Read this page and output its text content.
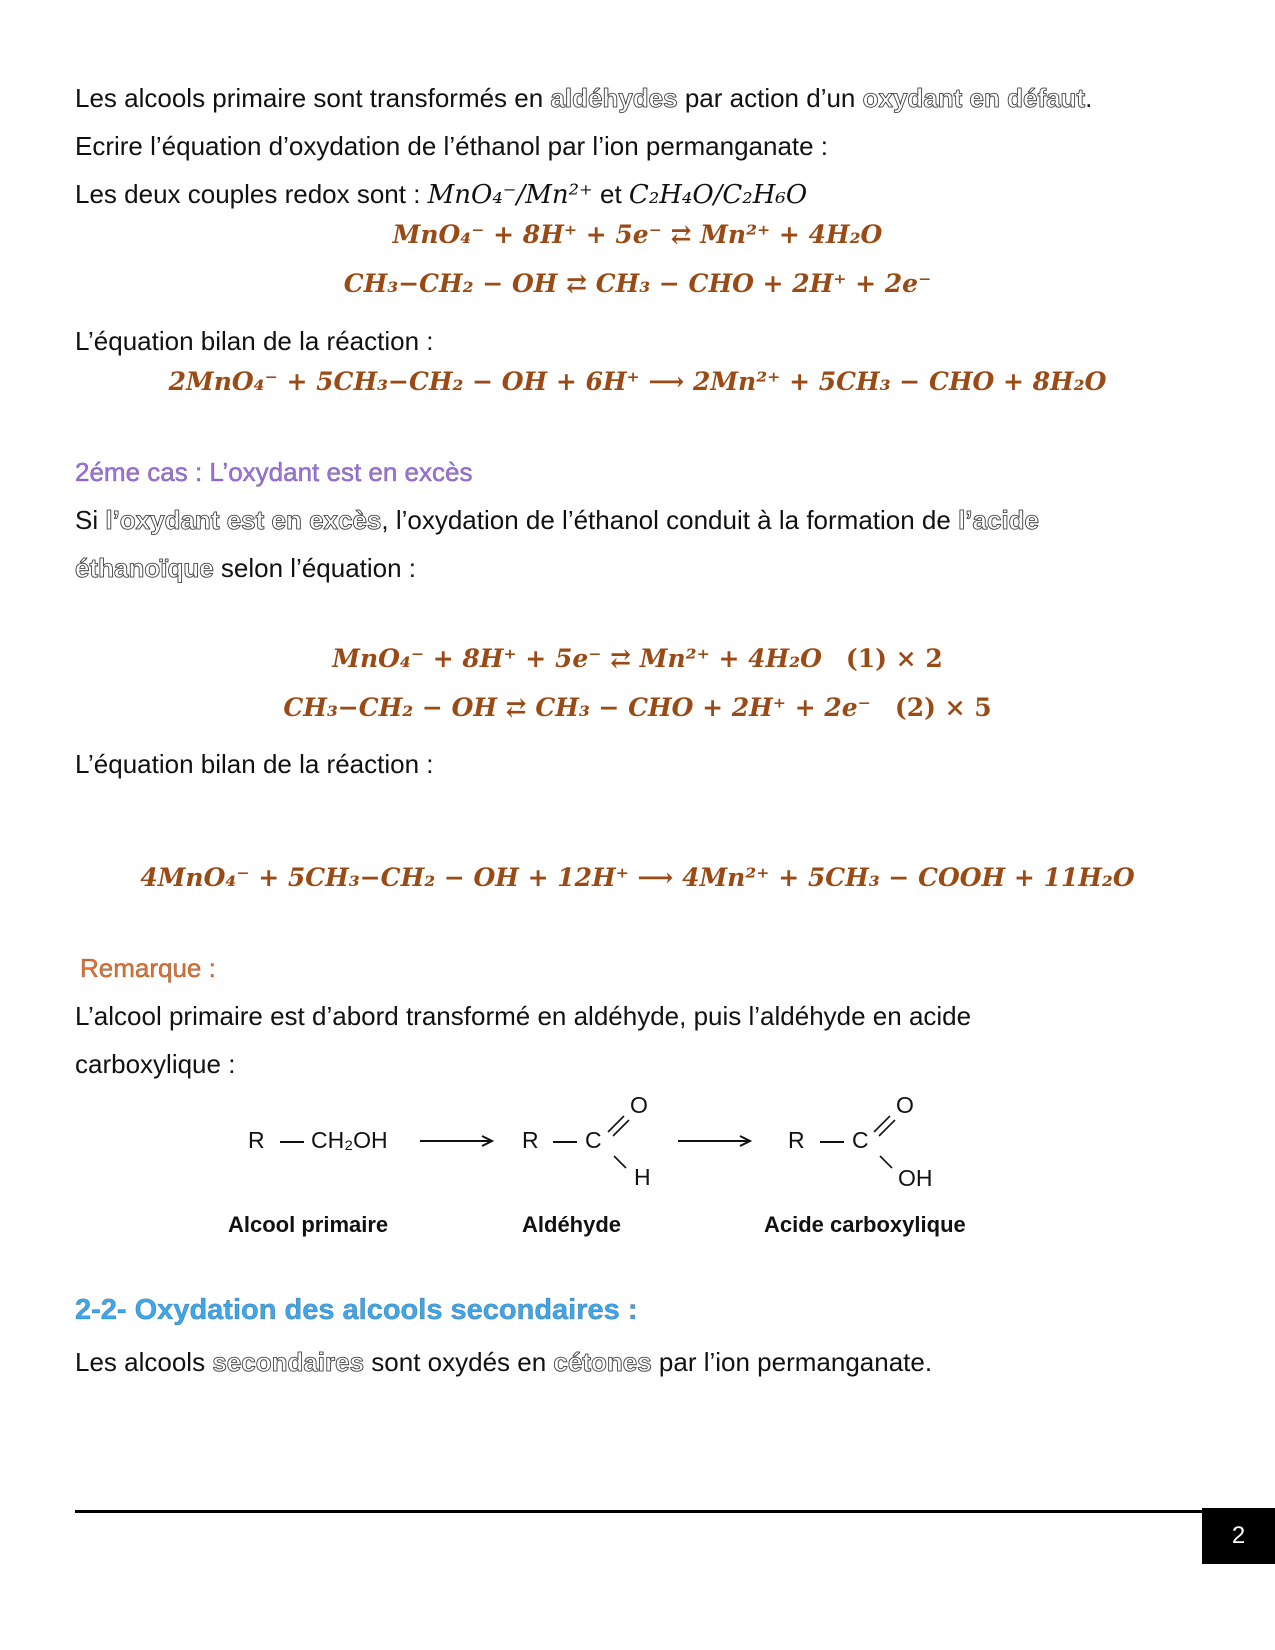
Les alcools primaire sont transformés en aldéhydes par action d’un oxydant en défaut.
Ecrire l’équation d’oxydation de l’éthanol par l’ion permanganate :
Les deux couples redox sont : MnO₄⁻/Mn²⁺ et C₂H₄O/C₂H₆O
MnO₄⁻ + 8H⁺ + 5e⁻ ⇄ Mn²⁺ + 4H₂O
CH₃−CH₂ − OH ⇄ CH₃ − CHO + 2H⁺ + 2e⁻
L’équation bilan de la réaction :
2MnO₄⁻ + 5CH₃−CH₂ − OH + 6H⁺ ⟶ 2Mn²⁺ + 5CH₃ − CHO + 8H₂O
2éme cas : L’oxydant est en excès
Si l’oxydant est en excès, l’oxydation de l’éthanol conduit à la formation de l’acide
éthanoïque selon l’équation :
MnO₄⁻ + 8H⁺ + 5e⁻ ⇄ Mn²⁺ + 4H₂O (1) × 2
CH₃−CH₂ − OH ⇄ CH₃ − CHO + 2H⁺ + 2e⁻ (2) × 5
L’équation bilan de la réaction :
4MnO₄⁻ + 5CH₃−CH₂ − OH + 12H⁺ ⟶ 4Mn²⁺ + 5CH₃ − COOH + 11H₂O
Remarque :
L’alcool primaire est d’abord transformé en aldéhyde, puis l’aldéhyde en acide
carboxylique :
R CH₂OH	R C
O
H
R C
O
OH
Alcool primaire	Aldéhyde	Acide carboxylique
2-2- Oxydation des alcools secondaires :
Les alcools secondaires sont oxydés en cétones par l’ion permanganate.
2
